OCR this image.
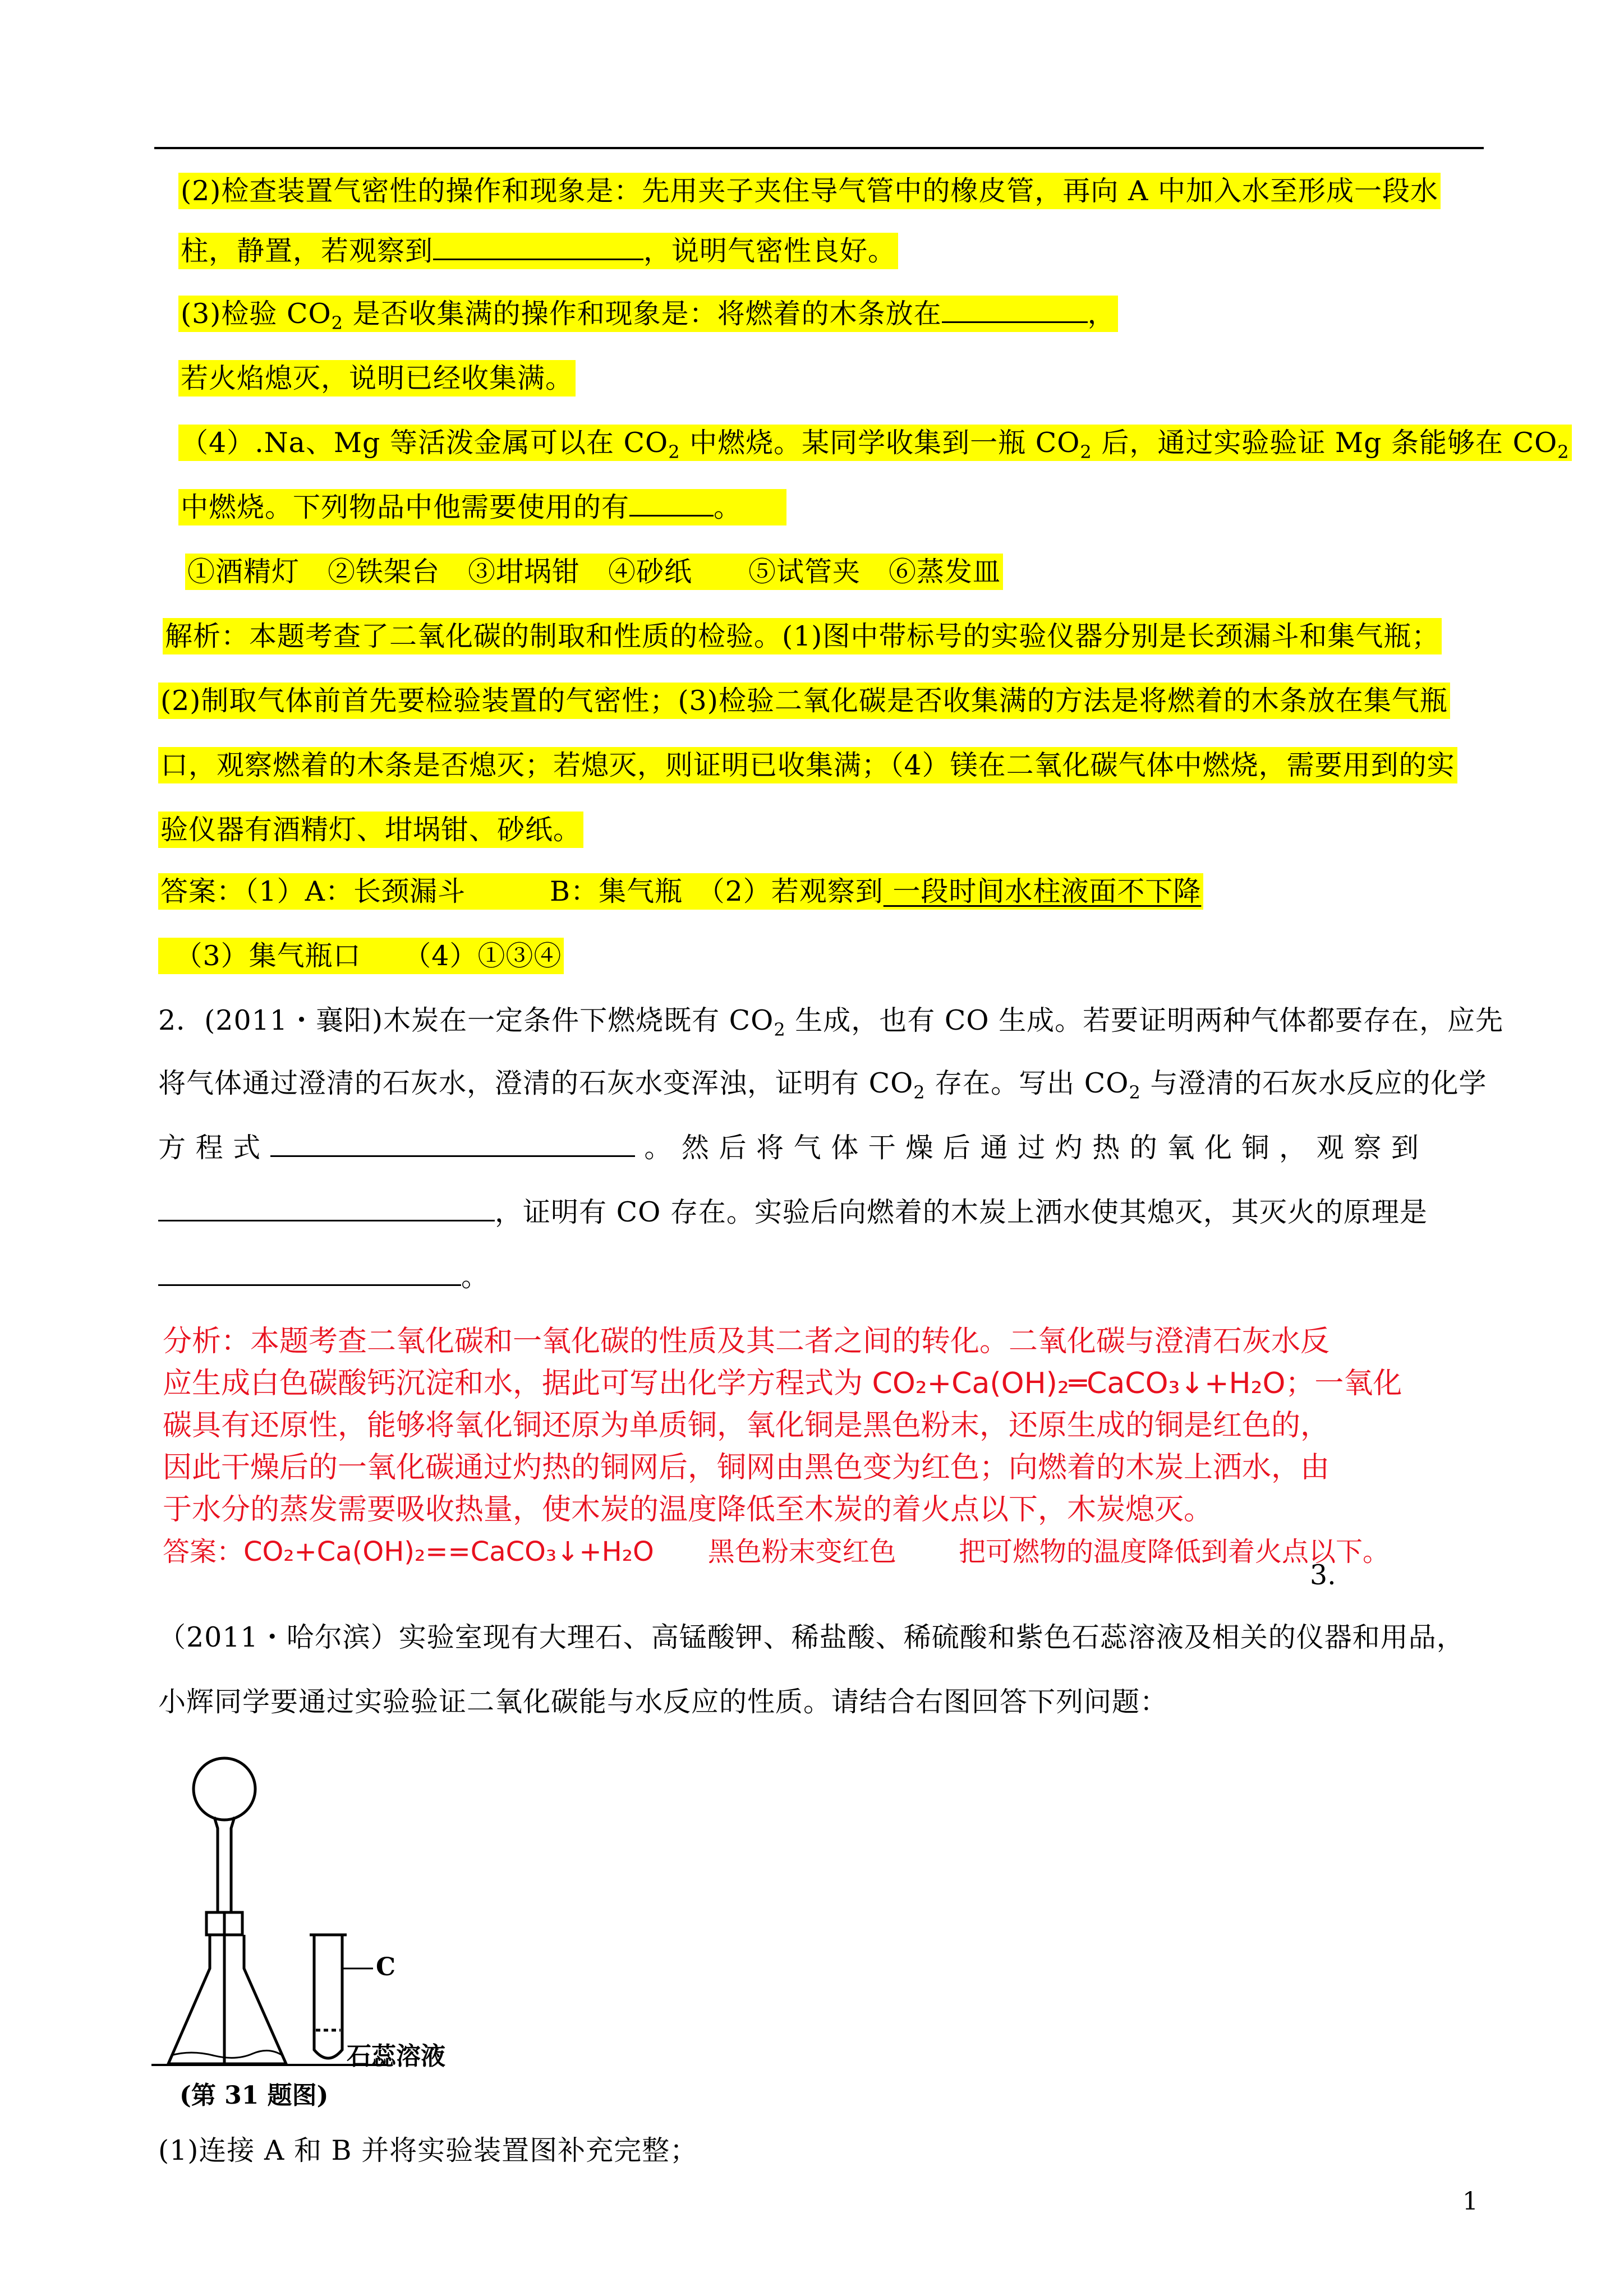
(2)检查装置气密性的操作和现象是：先用夹子夹住导气管中的橡皮管，再向 A 中加入水至形成一段水
柱，静置，若观察到	，说明气密性良好。
(3)检验 $CO_2$ 是否收集满的操作和现象是：将燃着的木条放在	，
若火焰熄灭，说明已经收集满。
（4）.Na、Mg 等活泼金属可以在 $CO_2$ 中燃烧。某同学收集到一瓶 $CO_2$ 后，通过实验验证 Mg 条能够在 $CO_2$
中燃烧。下列物品中他需要使用的有	。　　
①酒精灯　②铁架台　③坩埚钳　④砂纸　　⑤试管夹　⑥蒸发皿
解析：本题考查了二氧化碳的制取和性质的检验。(1)图中带标号的实验仪器分别是长颈漏斗和集气瓶；
(2)制取气体前首先要检验装置的气密性；(3)检验二氧化碳是否收集满的方法是将燃着的木条放在集气瓶
口，观察燃着的木条是否熄灭；若熄灭，则证明已收集满；（4）镁在二氧化碳气体中燃烧，需要用到的实
验仪器有酒精灯、坩埚钳、砂纸。
答案：（1）A：长颈漏斗　　　B：集气瓶　（2）若观察到 一段时间水柱液面不下降
　（3）集气瓶口　　（4）①③④
2．(2011・襄阳)木炭在一定条件下燃烧既有 $CO_2$ 生成，也有 CO 生成。若要证明两种气体都要存在，应先
将气体通过澄清的石灰水，澄清的石灰水变浑浊，证明有 $CO_2$ 存在。写出 $CO_2$ 与澄清的石灰水反应的化学
方 程 式	。 然 后 将 气 体 干 燥 后 通 过 灼 热 的 氧 化 铜 ， 观 察 到
，证明有 CO 存在。实验后向燃着的木炭上洒水使其熄灭，其灭火的原理是
。
分析：本题考查二氧化碳和一氧化碳的性质及其二者之间的转化。二氧化碳与澄清石灰水反
应生成白色碳酸钙沉淀和水，据此可写出化学方程式为 CO₂+Ca(OH)₂═CaCO₃↓+H₂O；一氧化
碳具有还原性，能够将氧化铜还原为单质铜，氧化铜是黑色粉末，还原生成的铜是红色的，
因此干燥后的一氧化碳通过灼热的铜网后，铜网由黑色变为红色；向燃着的木炭上洒水，由
于水分的蒸发需要吸收热量，使木炭的温度降低至木炭的着火点以下，木炭熄灭。
答案：CO₂+Ca(OH)₂==CaCO₃↓+H₂O　　黑色粉末变红色　　 把可燃物的温度降低到着火点以下。
3.
（2011・哈尔滨）实验室现有大理石、高锰酸钾、稀盐酸、稀硫酸和紫色石蕊溶液及相关的仪器和用品，
小辉同学要通过实验验证二氧化碳能与水反应的性质。请结合右图回答下列问题：
C
石蕊溶液
(第 31 题图)
(1)连接 A 和 B 并将实验装置图补充完整；
1
